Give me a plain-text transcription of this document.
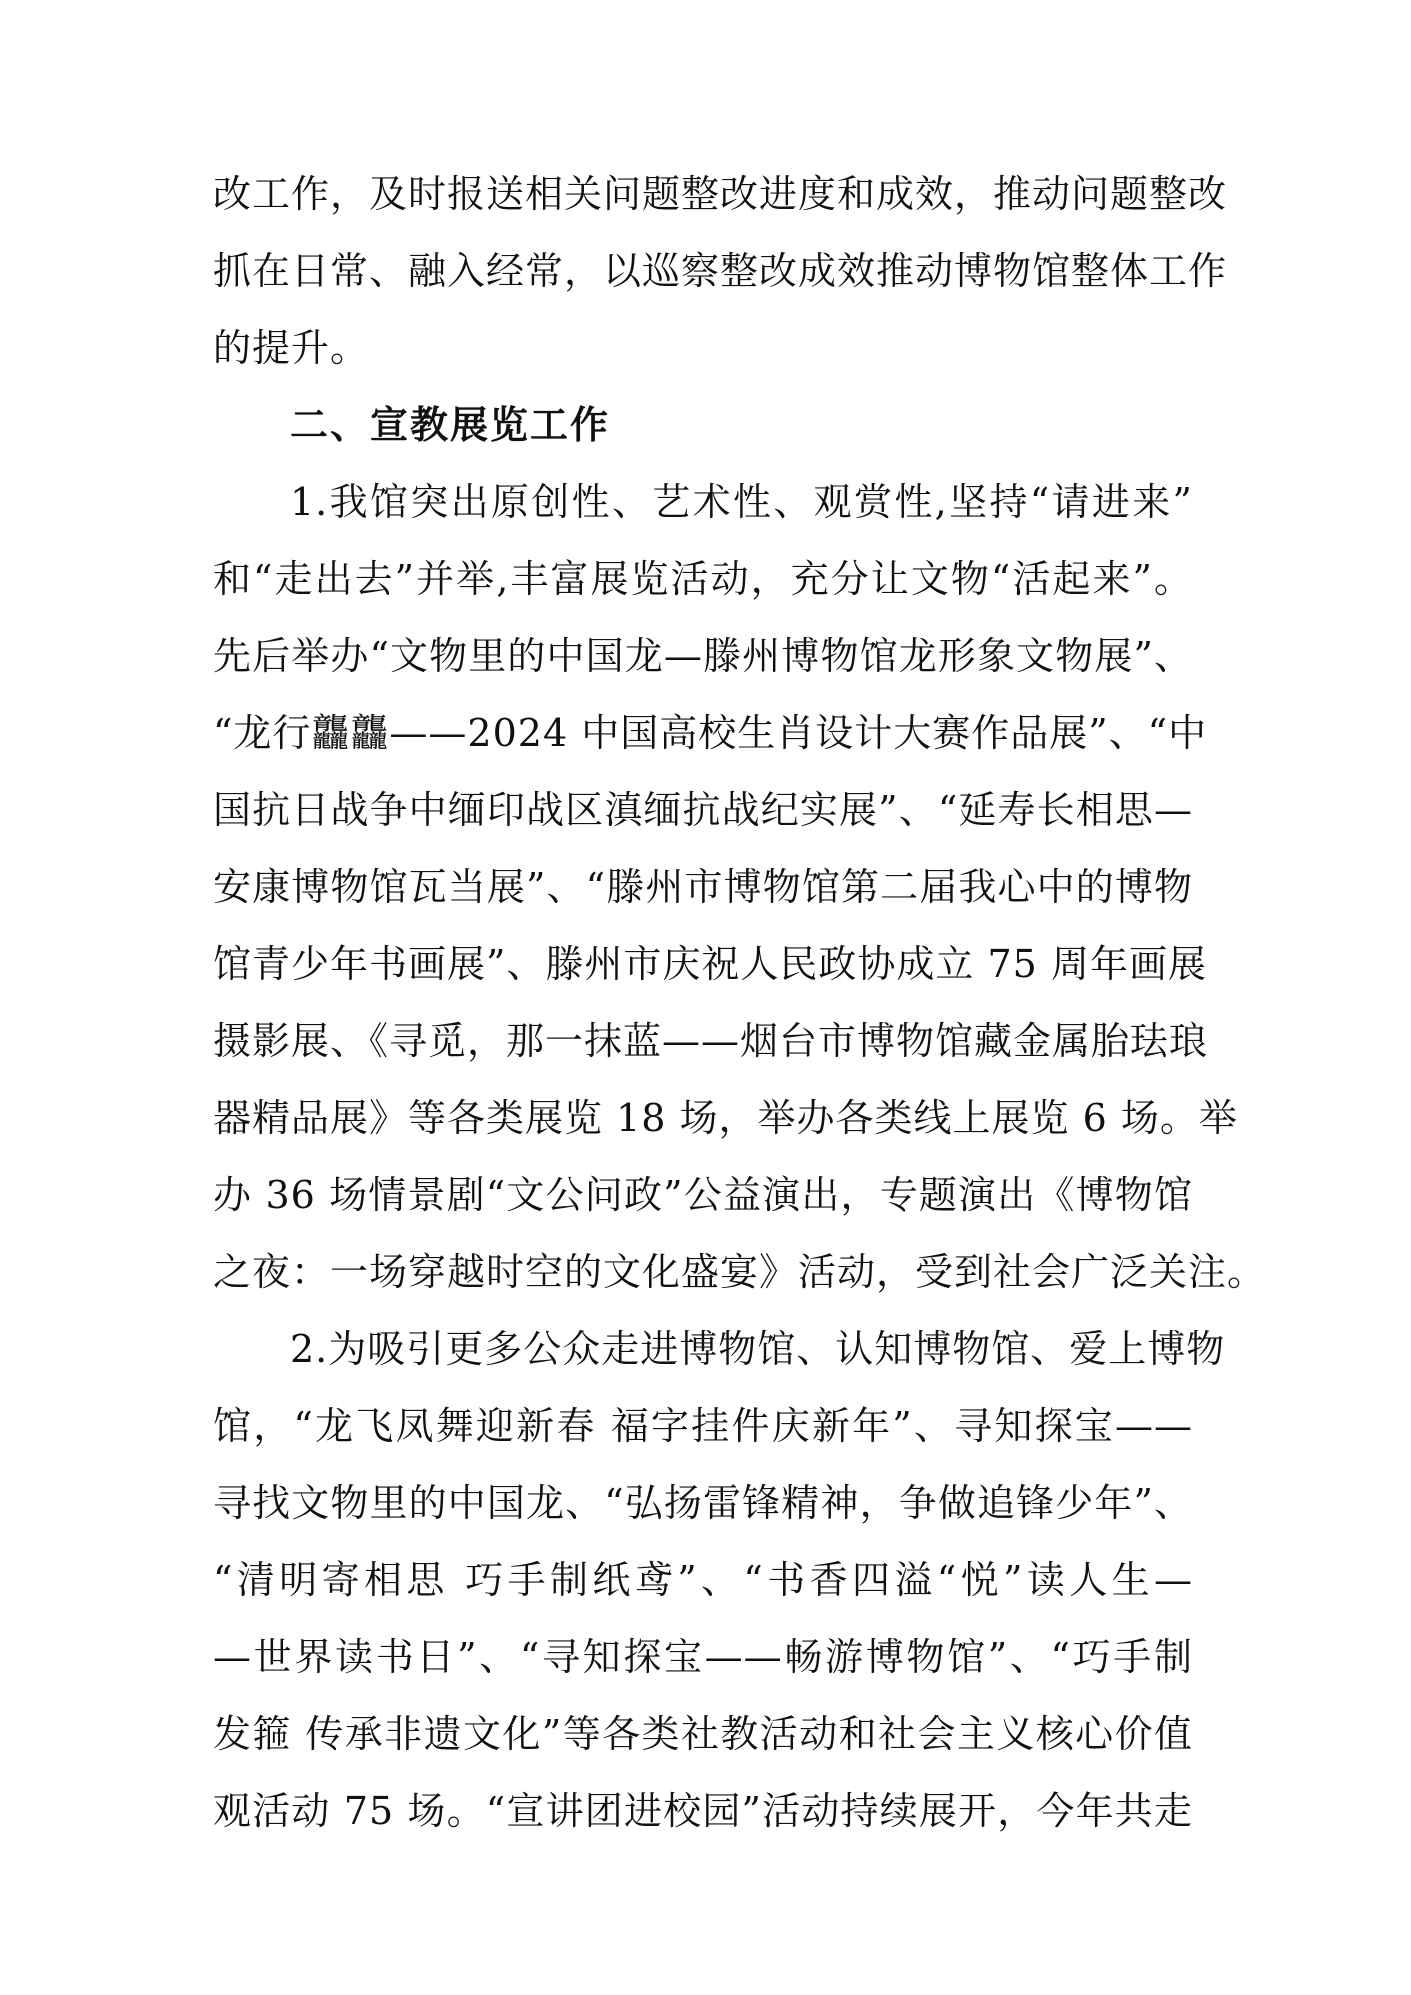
改工作，及时报送相关问题整改进度和成效，推动问题整改
抓在日常、融入经常，以巡察整改成效推动博物馆整体工作
的提升。
二、宣教展览工作
1.我馆突出原创性、艺术性、观赏性,坚持“请进来”
和“走出去”并举,丰富展览活动，充分让文物“活起来”。
先后举办“文物里的中国龙—滕州博物馆龙形象文物展”、
“龙行龘龘——2024 中国高校生肖设计大赛作品展”、“中
国抗日战争中缅印战区滇缅抗战纪实展”、“延寿长相思—
安康博物馆瓦当展”、“滕州市博物馆第二届我心中的博物
馆青少年书画展”、滕州市庆祝人民政协成立 75 周年画展
摄影展、《寻觅，那一抹蓝——烟台市博物馆藏金属胎珐琅
器精品展》等各类展览 18 场，举办各类线上展览 6 场。举
办 36 场情景剧“文公问政”公益演出，专题演出《博物馆
之夜：一场穿越时空的文化盛宴》活动，受到社会广泛关注。
2.为吸引更多公众走进博物馆、认知博物馆、爱上博物
馆，“龙飞凤舞迎新春 福字挂件庆新年”、寻知探宝——
寻找文物里的中国龙、“弘扬雷锋精神，争做追锋少年”、
“清明寄相思 巧手制纸鸢”、“书香四溢“悦”读人生—
—世界读书日”、“寻知探宝——畅游博物馆”、“巧手制
发箍 传承非遗文化”等各类社教活动和社会主义核心价值
观活动 75 场。“宣讲团进校园”活动持续展开，今年共走
